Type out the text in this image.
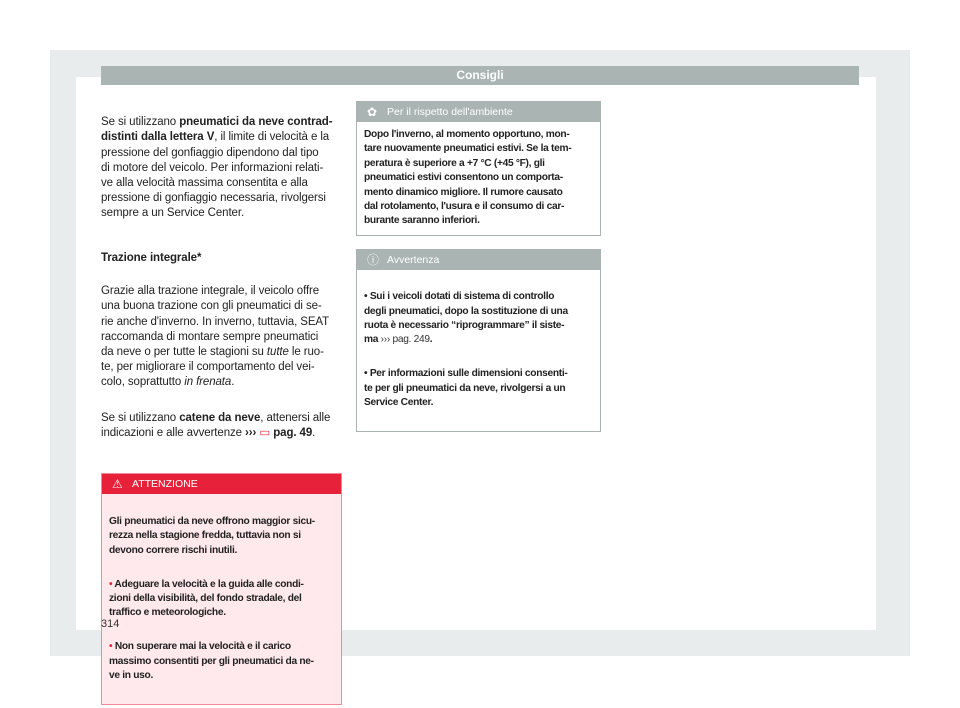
Consigli

Se si utilizzano pneumatici da neve contrad-
distinti dalla lettera V, il limite di velocità e la
pressione del gonfiaggio dipendono dal tipo
di motore del veicolo. Per informazioni relati-
ve alla velocità massima consentita e alla
pressione di gonfiaggio necessaria, rivolgersi
sempre a un Service Center.

Trazione integrale*

Grazie alla trazione integrale, il veicolo offre
una buona trazione con gli pneumatici di se-
rie anche d'inverno. In inverno, tuttavia, SEAT
raccomanda di montare sempre pneumatici
da neve o per tutte le stagioni su tutte le ruo-
te, per migliorare il comportamento del vei-
colo, soprattutto in frenata.

Se si utilizzano catene da neve, attenersi alle
indicazioni e alle avvertenze ››› ▭ pag. 49.

⚠ ATTENZIONE

Gli pneumatici da neve offrono maggior sicu-
rezza nella stagione fredda, tuttavia non si
devono correre rischi inutili.

• Adeguare la velocità e la guida alle condi-
zioni della visibilità, del fondo stradale, del
traffico e meteorologiche.

• Non superare mai la velocità e il carico
massimo consentiti per gli pneumatici da ne-
ve in uso.

✿ Per il rispetto dell'ambiente
Dopo l'inverno, al momento opportuno, mon-
tare nuovamente pneumatici estivi. Se la tem-
peratura è superiore a +7 °C (+45 °F), gli
pneumatici estivi consentono un comporta-
mento dinamico migliore. Il rumore causato
dal rotolamento, l'usura e il consumo di car-
burante saranno inferiori.
ⓘ Avvertenza

• Sui i veicoli dotati di sistema di controllo
degli pneumatici, dopo la sostituzione di una
ruota è necessario “riprogrammare” il siste-
ma ››› pag. 249.

• Per informazioni sulle dimensioni consenti-
te per gli pneumatici da neve, rivolgersi a un
Service Center.

314
